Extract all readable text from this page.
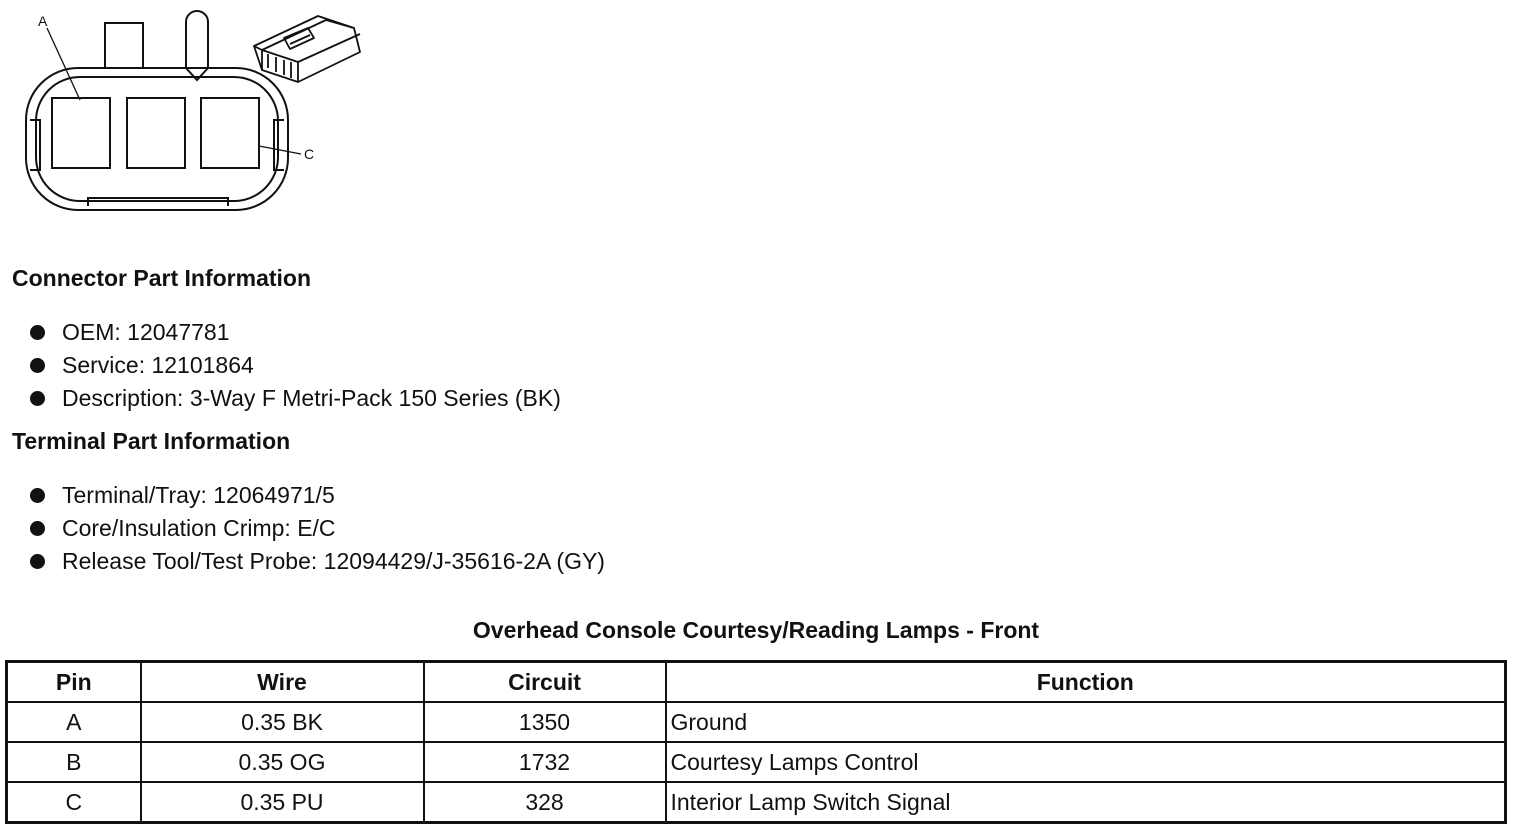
A
C
Connector Part Information
OEM: 12047781
Service: 12101864
Description: 3-Way F Metri-Pack 150 Series (BK)
Terminal Part Information
Terminal/Tray: 12064971/5
Core/Insulation Crimp: E/C
Release Tool/Test Probe: 12094429/J-35616-2A (GY)
Overhead Console Courtesy/Reading Lamps - Front
Pin	Wire	Circuit	Function
A	0.35 BK	1350	Ground
B	0.35 OG	1732	Courtesy Lamps Control
C	0.35 PU	328	Interior Lamp Switch Signal
